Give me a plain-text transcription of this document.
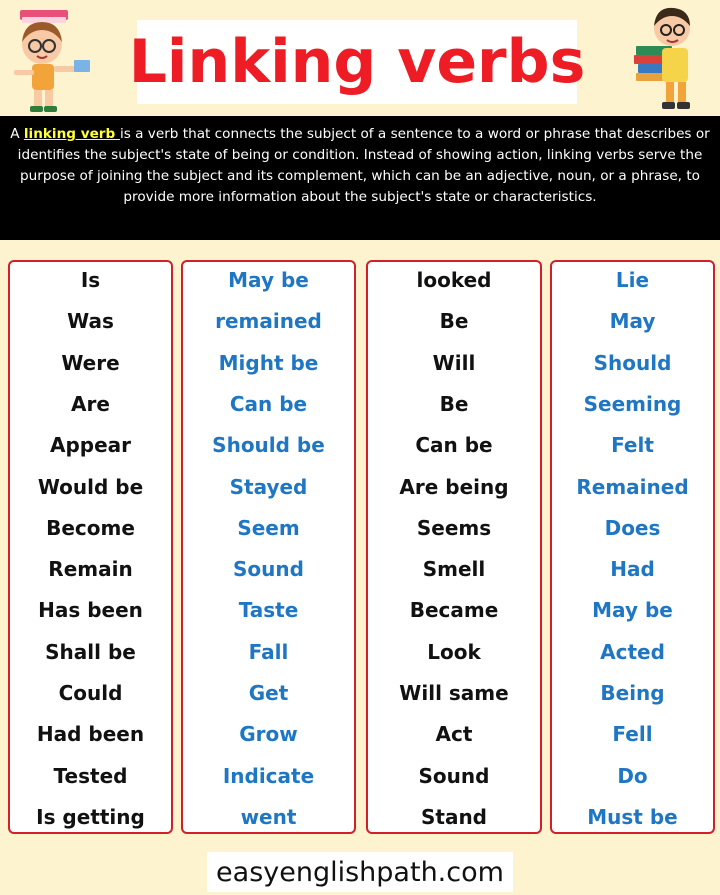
Linking verbs
A linking verb is a verb that connects the subject of a sentence to a word or phrase that describes or identifies the subject's state of being or condition. Instead of showing action, linking verbs serve the purpose of joining the subject and its complement, which can be an adjective, noun, or a phrase, to provide more information about the subject's state or characteristics.
Is
Was
Were
Are
Appear
Would be
Become
Remain
Has been
Shall be
Could
Had been
Tested
Is getting
May be
remained
Might be
Can be
Should be
Stayed
Seem
Sound
Taste
Fall
Get
Grow
Indicate
went
looked
Be
Will
Be
Can be
Are being
Seems
Smell
Became
Look
Will same
Act
Sound
Stand
Lie
May
Should
Seeming
Felt
Remained
Does
Had
May be
Acted
Being
Fell
Do
Must be
easyenglishpath.com
